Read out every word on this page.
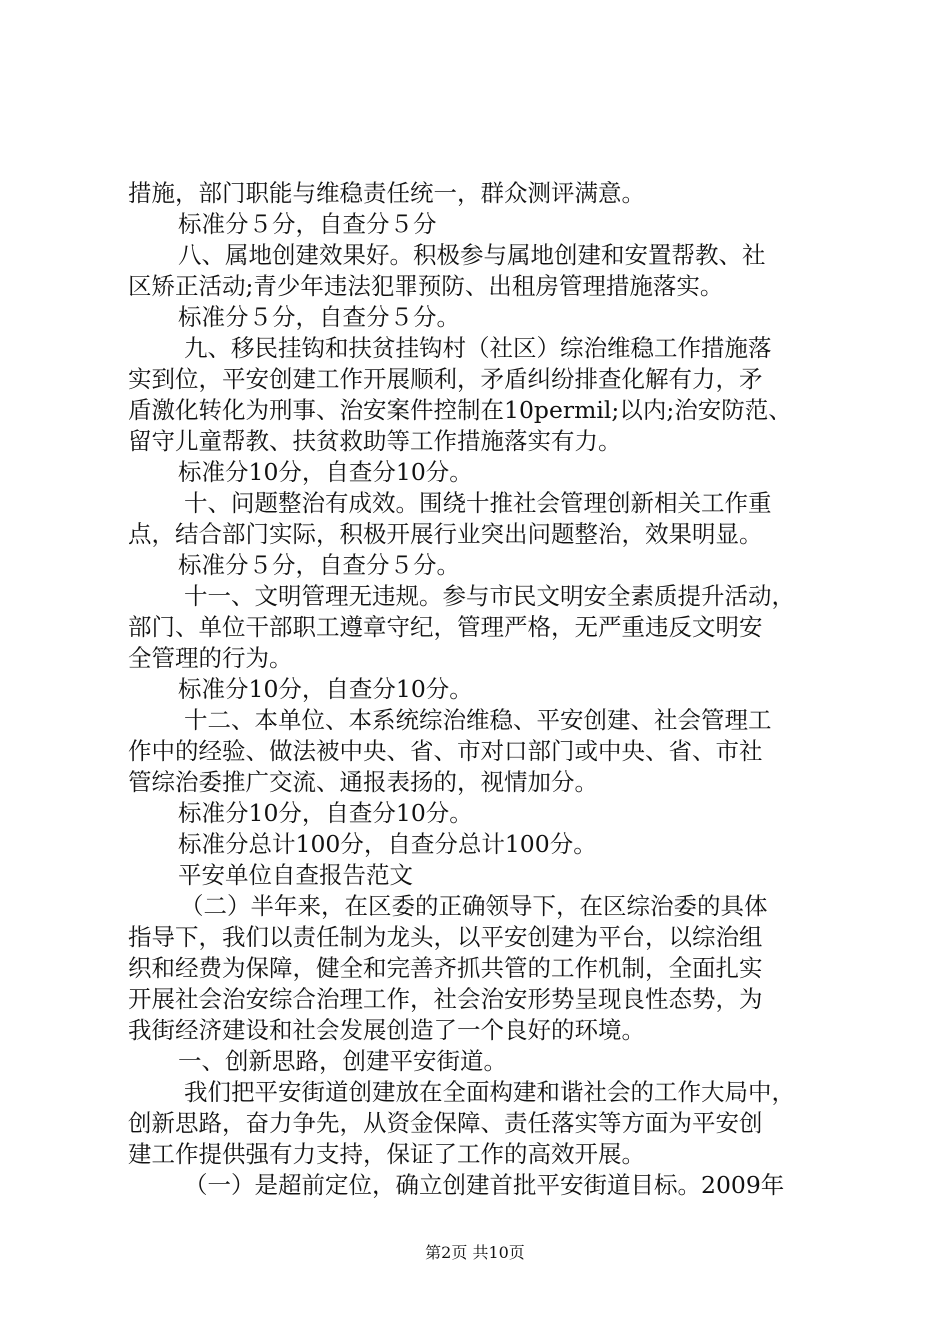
措施，部门职能与维稳责任统一，群众测评满意。
标准分５分，自查分５分
八、属地创建效果好。积极参与属地创建和安置帮教、社
区矫正活动;青少年违法犯罪预防、出租房管理措施落实。
标准分５分，自查分５分。
九、移民挂钩和扶贫挂钩村（社区）综治维稳工作措施落
实到位，平安创建工作开展顺利，矛盾纠纷排查化解有力，矛
盾激化转化为刑事、治安案件控制在10permil;以内;治安防范、
留守儿童帮教、扶贫救助等工作措施落实有力。
标准分10分，自查分10分。
十、问题整治有成效。围绕十推社会管理创新相关工作重
点，结合部门实际，积极开展行业突出问题整治，效果明显。
标准分５分，自查分５分。
十一、文明管理无违规。参与市民文明安全素质提升活动，
部门、单位干部职工遵章守纪，管理严格，无严重违反文明安
全管理的行为。
标准分10分，自查分10分。
十二、本单位、本系统综治维稳、平安创建、社会管理工
作中的经验、做法被中央、省、市对口部门或中央、省、市社
管综治委推广交流、通报表扬的，视情加分。
标准分10分，自查分10分。
标准分总计100分，自查分总计100分。
平安单位自查报告范文
（二）半年来，在区委的正确领导下，在区综治委的具体
指导下，我们以责任制为龙头，以平安创建为平台，以综治组
织和经费为保障，健全和完善齐抓共管的工作机制，全面扎实
开展社会治安综合治理工作，社会治安形势呈现良性态势，为
我街经济建设和社会发展创造了一个良好的环境。
一、创新思路，创建平安街道。
我们把平安街道创建放在全面构建和谐社会的工作大局中，
创新思路，奋力争先，从资金保障、责任落实等方面为平安创
建工作提供强有力支持，保证了工作的高效开展。
（一）是超前定位，确立创建首批平安街道目标。2009年
第2页 共10页
